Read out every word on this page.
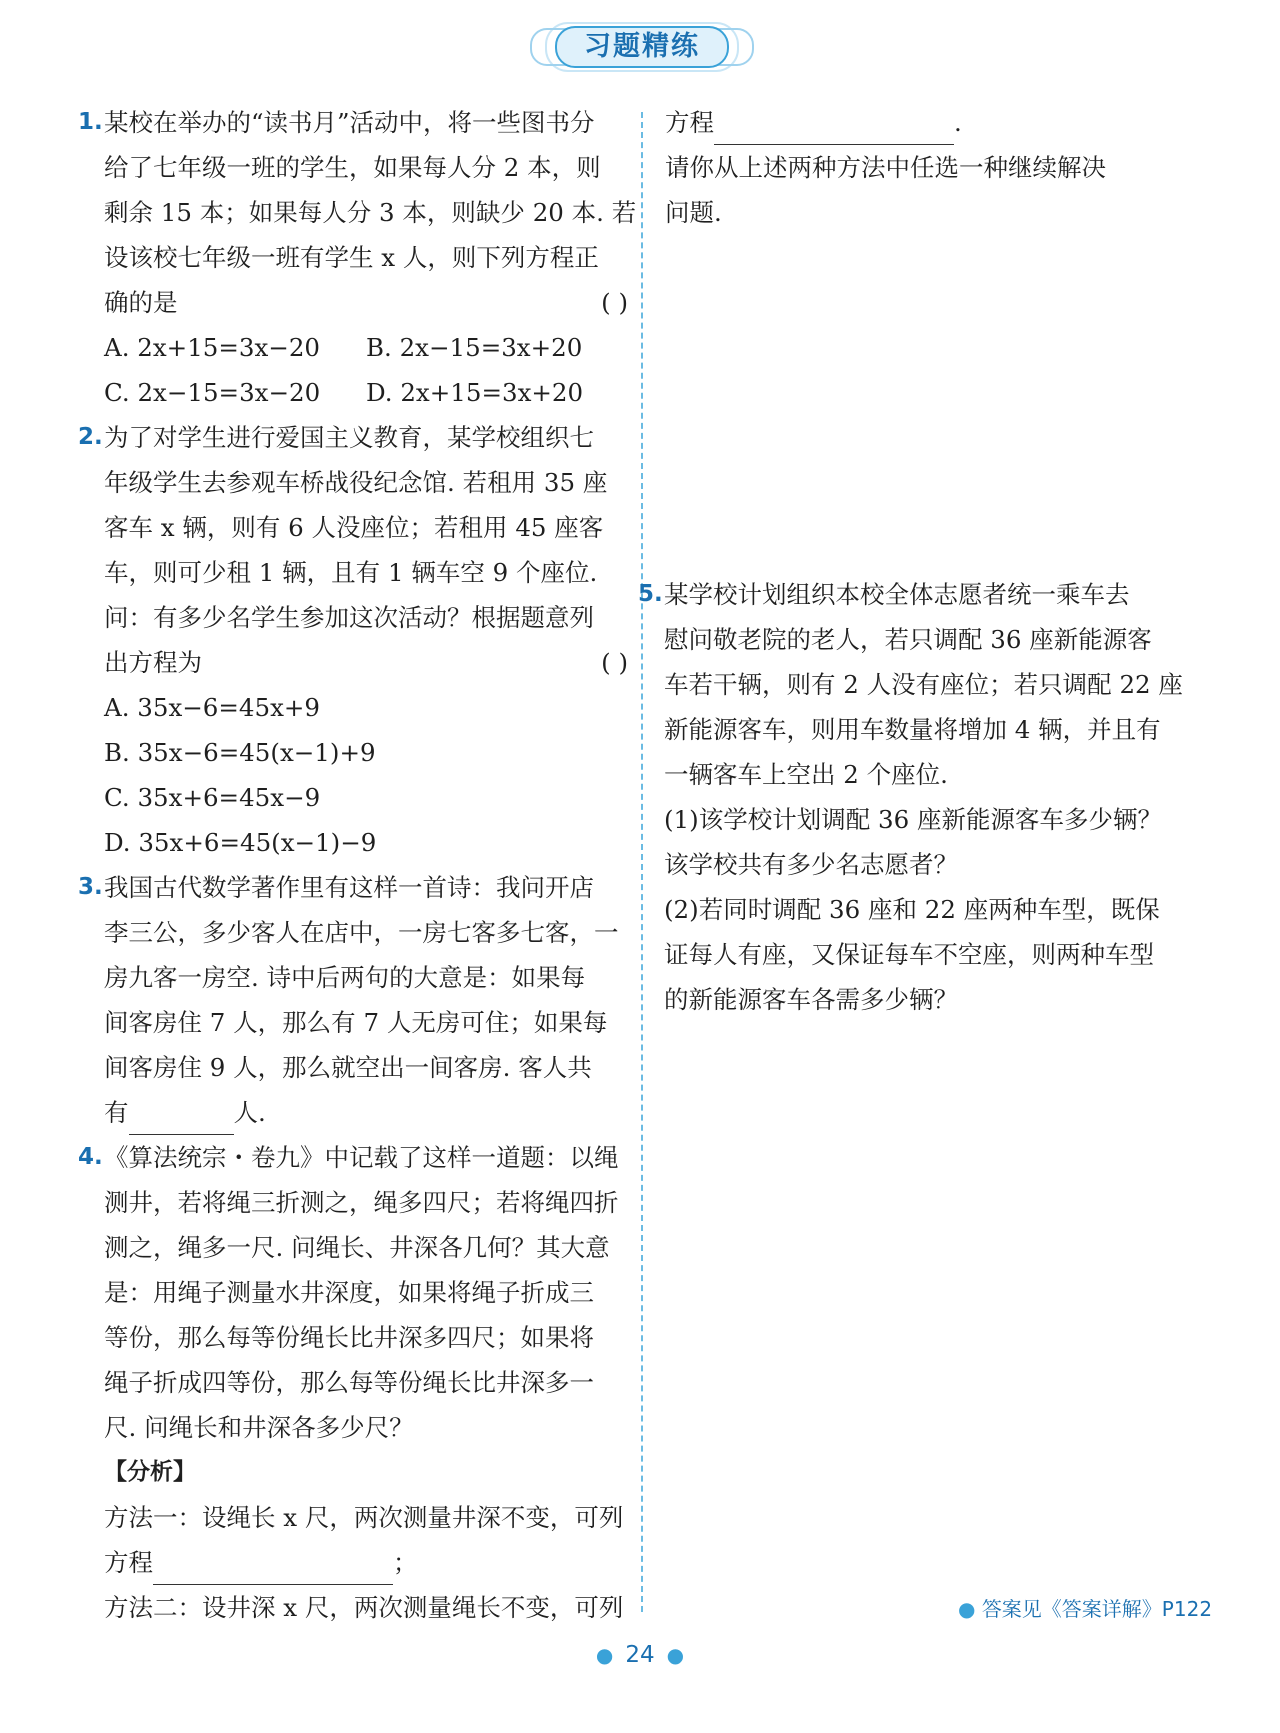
习题精练
1. 某校在举办的“读书月”活动中，将一些图书分
给了七年级一班的学生，如果每人分 2 本，则
剩余 15 本；如果每人分 3 本，则缺少 20 本. 若
设该校七年级一班有学生 x 人，则下列方程正
确的是	( )
A. 2x+15=3x−20	B. 2x−15=3x+20
C. 2x−15=3x−20	D. 2x+15=3x+20
2. 为了对学生进行爱国主义教育，某学校组织七
年级学生去参观车桥战役纪念馆. 若租用 35 座
客车 x 辆，则有 6 人没座位；若租用 45 座客
车，则可少租 1 辆，且有 1 辆车空 9 个座位.
问：有多少名学生参加这次活动？根据题意列
出方程为	( )
A. 35x−6=45x+9
B. 35x−6=45(x−1)+9
C. 35x+6=45x−9
D. 35x+6=45(x−1)−9
3. 我国古代数学著作里有这样一首诗：我问开店
李三公，多少客人在店中，一房七客多七客，一
房九客一房空. 诗中后两句的大意是：如果每
间客房住 7 人，那么有 7 人无房可住；如果每
间客房住 9 人，那么就空出一间客房. 客人共
有	人.
4. 《算法统宗・卷九》中记载了这样一道题：以绳
测井，若将绳三折测之，绳多四尺；若将绳四折
测之，绳多一尺. 问绳长、井深各几何？其大意
是：用绳子测量水井深度，如果将绳子折成三
等份，那么每等份绳长比井深多四尺；如果将
绳子折成四等份，那么每等份绳长比井深多一
尺. 问绳长和井深各多少尺？
【分析】
方法一：设绳长 x 尺，两次测量井深不变，可列
方程	；
方法二：设井深 x 尺，两次测量绳长不变，可列
方程	.
请你从上述两种方法中任选一种继续解决
问题.
5. 某学校计划组织本校全体志愿者统一乘车去
慰问敬老院的老人，若只调配 36 座新能源客
车若干辆，则有 2 人没有座位；若只调配 22 座
新能源客车，则用车数量将增加 4 辆，并且有
一辆客车上空出 2 个座位.
(1)该学校计划调配 36 座新能源客车多少辆？
该学校共有多少名志愿者？
(2)若同时调配 36 座和 22 座两种车型，既保
证每人有座，又保证每车不空座，则两种车型
的新能源客车各需多少辆？
● 答案见《答案详解》P122
● 24 ●
